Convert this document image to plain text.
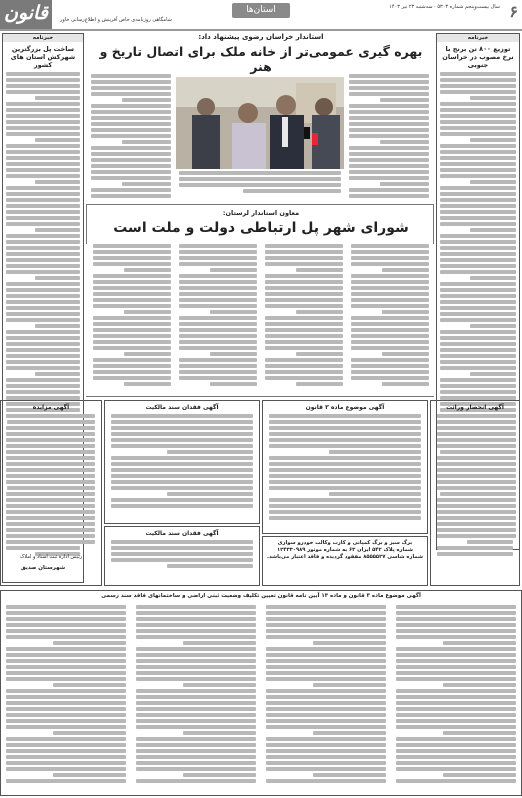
قانون شامگاهی روزنامه‌ی خاص آفرینش و اطلاع‌رسانی خاور
استان‌ها	سال بیست‌وپنجم شماره ۵۳۰۳ · سه‌شنبه ۲۳ تیر ۱۴۰۳ ۶
خبرنامه
توزیع ۸۰۰ تن برنج با نرخ مصوب در خراسان جنوبی
خبرنامه
ساخت پل بزرگترین شهرکش استان های کشور
شهرستان صدیق
استاندار خراسان رضوی پیشنهاد داد:
بهره گیری عمومی‌تر از خانه ملک برای اتصال تاریخ و هنر
معاون استاندار لرستان:
شورای شهر پل ارتباطی دولت و ملت است
آگهی مزایده
رئیس اداره ثبت اسناد و املاک
آگهی فقدان سند مالکیت	آگهی موضوع ماده ۳ قانون	آگهی انحصار وراثت
آگهی فقدان سند مالکیت
برگ سبز و برگ کمپانی و کارت وکالت خودرو سواری
شماره پلاک ۵۴۲ ایران ۶۳ به شماره موتور ۱۲۴۳۳۰۹۸۹
شماره شاسی ۸۵۵۵۵۲۷ مفقود گردیده و فاقد اعتبار می‌باشد.
آگهی موضوع ماده ۳ قانون و ماده ۱۳ آیین نامه قانون تعیین تکلیف وضعیت ثبتی اراضی و ساختمانهای فاقد سند رسمی
